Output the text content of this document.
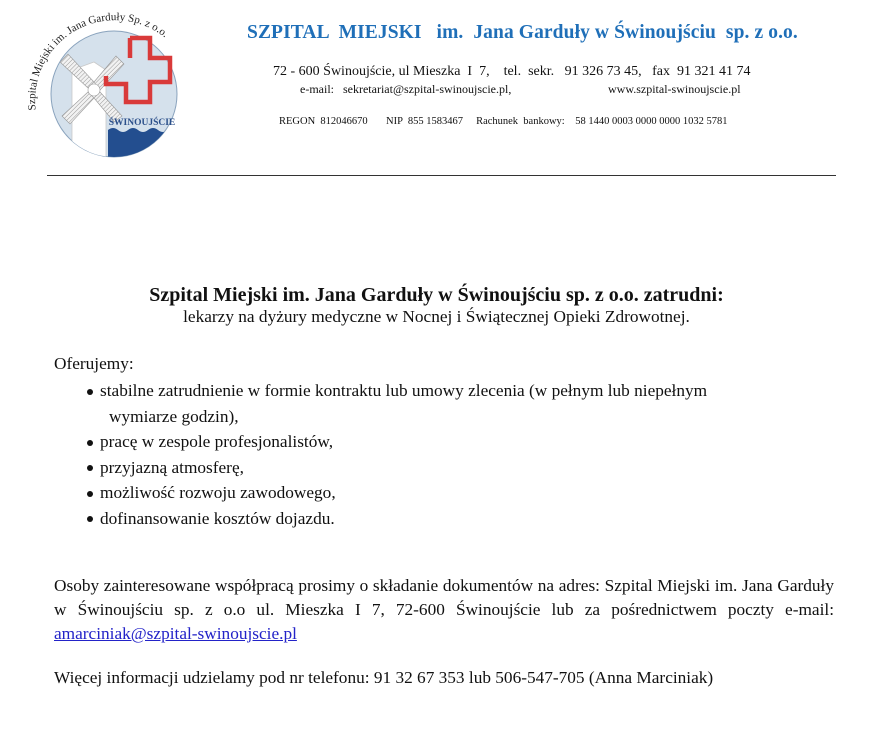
ŚWINOUJŚCIE
Szpital Miejski im. Jana Garduły Sp. z o.o.	SZPITAL  MIEJSKI   im.  Jana Garduły w Świnoujściu  sp. z o.o.
72 - 600 Świnoujście, ul Mieszka  I  7,    tel.  sekr.   91 326 73 45,   fax  91 321 41 74
e-mail:   sekretariat@szpital-swinoujscie.pl,	www.szpital-swinoujscie.pl
REGON  812046670       NIP  855 1583467     Rachunek  bankowy:    58 1440 0003 0000 0000 1032 5781
Szpital Miejski im. Jana Garduły w Świnoujściu sp. z o.o. zatrudni:
lekarzy na dyżury medyczne w Nocnej i Świątecznej Opieki Zdrowotnej.
Oferujemy:
stabilne zatrudnienie w formie kontraktu lub umowy zlecenia (w pełnym lub niepełnym
wymiarze godzin),
pracę w zespole profesjonalistów,
przyjazną atmosferę,
możliwość rozwoju zawodowego,
dofinansowanie kosztów dojazdu.
Osoby zainteresowane współpracą prosimy o składanie dokumentów na adres: Szpital Miejski im. Jana Garduły w Świnoujściu sp. z o.o ul. Mieszka I 7, 72-600 Świnoujście lub za pośrednictwem poczty e-mail: amarciniak@szpital-swinoujscie.pl
Więcej informacji udzielamy pod nr telefonu: 91 32 67 353 lub 506-547-705 (Anna Marciniak)
